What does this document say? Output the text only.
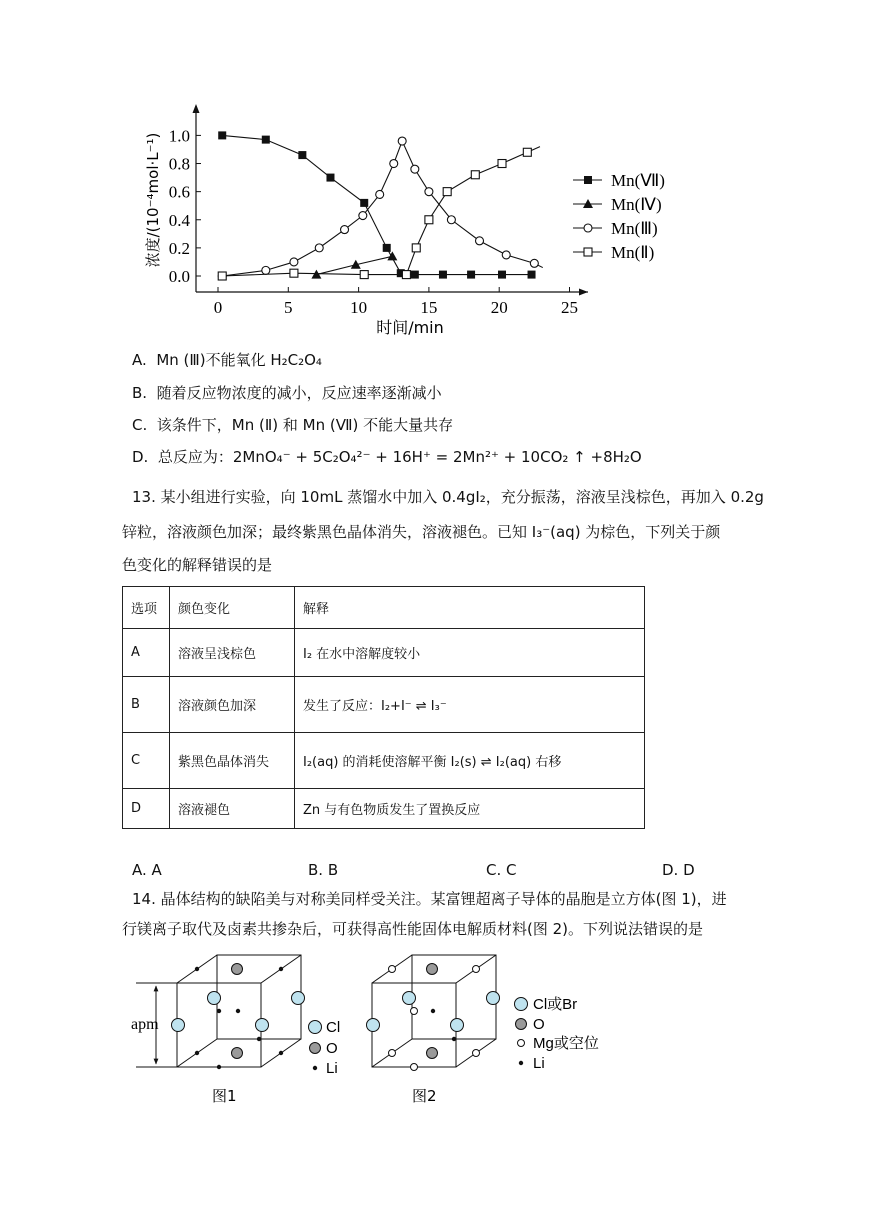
0	5	10	15	20	25
0.0
0.2
0.4
0.6
0.8
1.0
时间/min
浓度/(10⁻⁴mol·L⁻¹)	Mn(Ⅶ)
Mn(Ⅳ)
Mn(Ⅲ)
Mn(Ⅱ)
A. Mn (Ⅲ)不能氧化 H₂C₂O₄
B. 随着反应物浓度的减小，反应速率逐渐减小
C. 该条件下，Mn (Ⅱ) 和 Mn (Ⅶ) 不能大量共存
D. 总反应为：2MnO₄⁻ + 5C₂O₄²⁻ + 16H⁺ = 2Mn²⁺ + 10CO₂ ↑ +8H₂O
13. 某小组进行实验，向 10mL 蒸馏水中加入 0.4gI₂，充分振荡，溶液呈浅棕色，再加入 0.2g
锌粒，溶液颜色加深；最终紫黑色晶体消失，溶液褪色。已知 I₃⁻(aq) 为棕色，下列关于颜
色变化的解释错误的是
选项	颜色变化	解释
A	溶液呈浅棕色	I₂ 在水中溶解度较小
B	溶液颜色加深	发生了反应：I₂+I⁻ ⇌ I₃⁻
C	紫黑色晶体消失	I₂(aq) 的消耗使溶解平衡 I₂(s) ⇌ I₂(aq) 右移
D	溶液褪色	Zn 与有色物质发生了置换反应
A. A	B. B	C. C	D. D
14. 晶体结构的缺陷美与对称美同样受关注。某富锂超离子导体的晶胞是立方体(图 1)，进
行镁离子取代及卤素共掺杂后，可获得高性能固体电解质材料(图 2)。下列说法错误的是
apm	Cl
O
Li
图1
Cl或Br
O
Mg或空位
Li
图2
